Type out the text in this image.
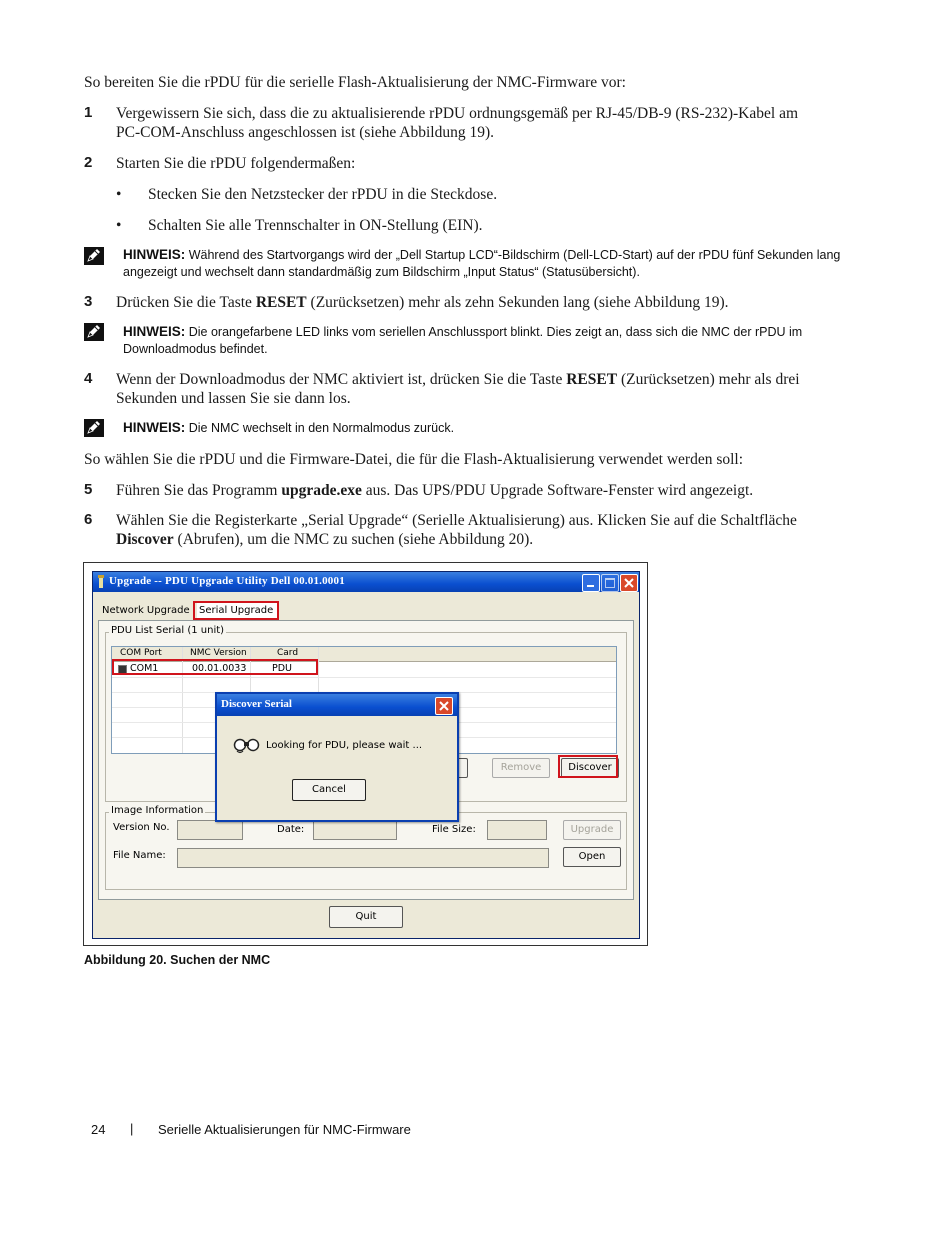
So bereiten Sie die rPDU für die serielle Flash-Aktualisierung der NMC-Firmware vor:
1 Vergewissern Sie sich, dass die zu aktualisierende rPDU ordnungsgemäß per RJ-45/DB-9 (RS-232)-Kabel am
PC-COM-Anschluss angeschlossen ist (siehe Abbildung 19).
2 Starten Sie die rPDU folgendermaßen:
• Stecken Sie den Netzstecker der rPDU in die Steckdose.
• Schalten Sie alle Trennschalter in ON-Stellung (EIN).
HINWEIS: Während des Startvorgangs wird der „Dell Startup LCD“-Bildschirm (Dell-LCD-Start) auf der rPDU fünf Sekunden lang
angezeigt und wechselt dann standardmäßig zum Bildschirm „Input Status“ (Statusübersicht).
3 Drücken Sie die Taste RESET (Zurücksetzen) mehr als zehn Sekunden lang (siehe Abbildung 19).
HINWEIS: Die orangefarbene LED links vom seriellen Anschlussport blinkt. Dies zeigt an, dass sich die NMC der rPDU im
Downloadmodus befindet.
4 Wenn der Downloadmodus der NMC aktiviert ist, drücken Sie die Taste RESET (Zurücksetzen) mehr als drei
Sekunden und lassen Sie sie dann los.
HINWEIS: Die NMC wechselt in den Normalmodus zurück.
So wählen Sie die rPDU und die Firmware-Datei, die für die Flash-Aktualisierung verwendet werden soll:
5 Führen Sie das Programm upgrade.exe aus. Das UPS/PDU Upgrade Software-Fenster wird angezeigt.
6 Wählen Sie die Registerkarte „Serial Upgrade“ (Serielle Aktualisierung) aus. Klicken Sie auf die Schaltfläche
Discover (Abrufen), um die NMC zu suchen (siehe Abbildung 20).
Upgrade -- PDU Upgrade Utility Dell 00.01.0001
Network Upgrade Serial Upgrade
PDU List Serial (1 unit)
COM Port	NMC Version	Card
COM1	00.01.0033	PDU
Remove	Discover
Image Information
Version No.	Date:	File Size:	Upgrade
File Name:	Open
Quit
Discover Serial
Looking for PDU, please wait ...
Cancel
Abbildung 20. Suchen der NMC
24 | Serielle Aktualisierungen für NMC-Firmware
